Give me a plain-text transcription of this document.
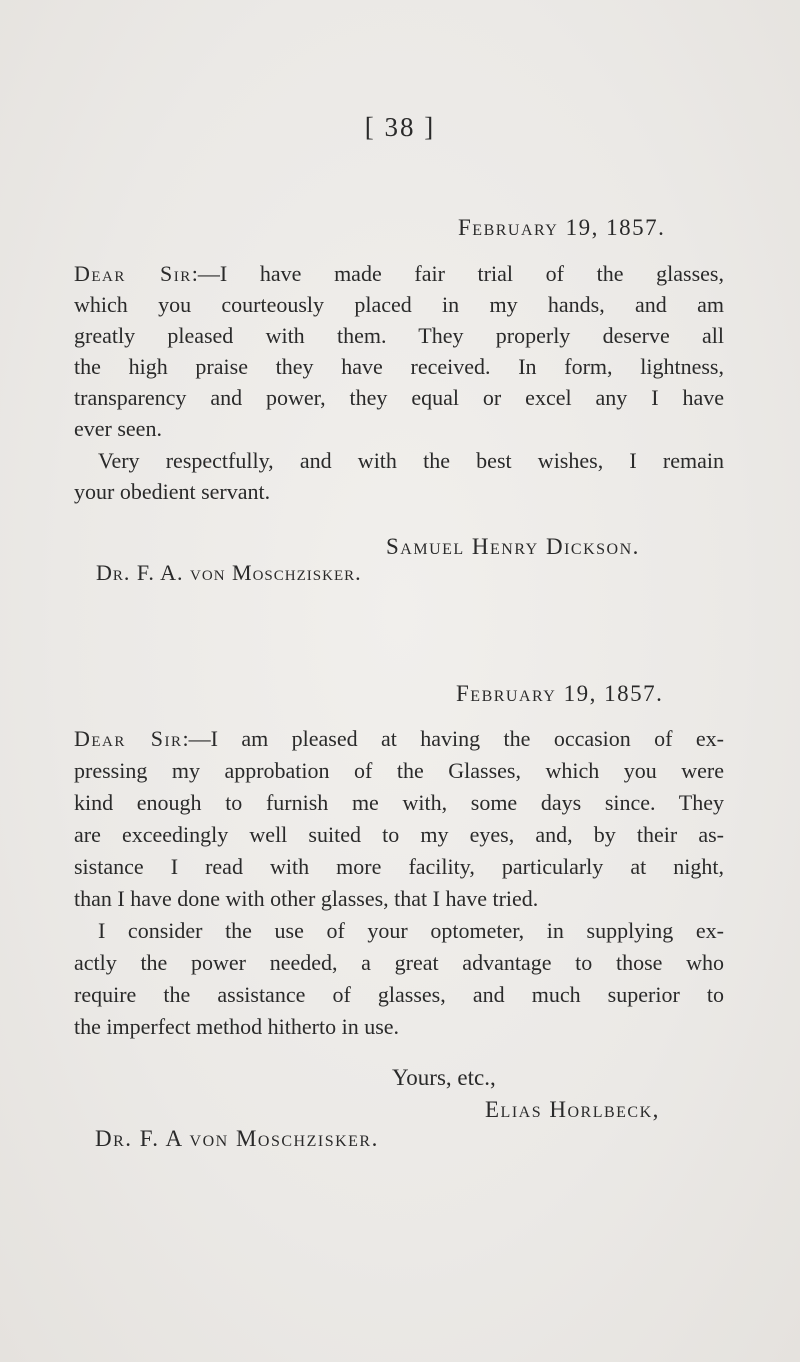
[ 38 ]
February 19, 1857.
Dear Sir:—I have made fair trial of the glasses,
which you courteously placed in my hands, and am
greatly pleased with them. They properly deserve all
the high praise they have received. In form, lightness,
transparency and power, they equal or excel any I have
ever seen.
Very respectfully, and with the best wishes, I remain
your obedient servant.
Samuel Henry Dickson.
Dr. F. A. von Moschzisker.
February 19, 1857.
Dear Sir:—I am pleased at having the occasion of ex-
pressing my approbation of the Glasses, which you were
kind enough to furnish me with, some days since. They
are exceedingly well suited to my eyes, and, by their as-
sistance I read with more facility, particularly at night,
than I have done with other glasses, that I have tried.
I consider the use of your optometer, in supplying ex-
actly the power needed, a great advantage to those who
require the assistance of glasses, and much superior to
the imperfect method hitherto in use.
Yours, etc.,
Elias Horlbeck,
Dr. F. A von Moschzisker.
